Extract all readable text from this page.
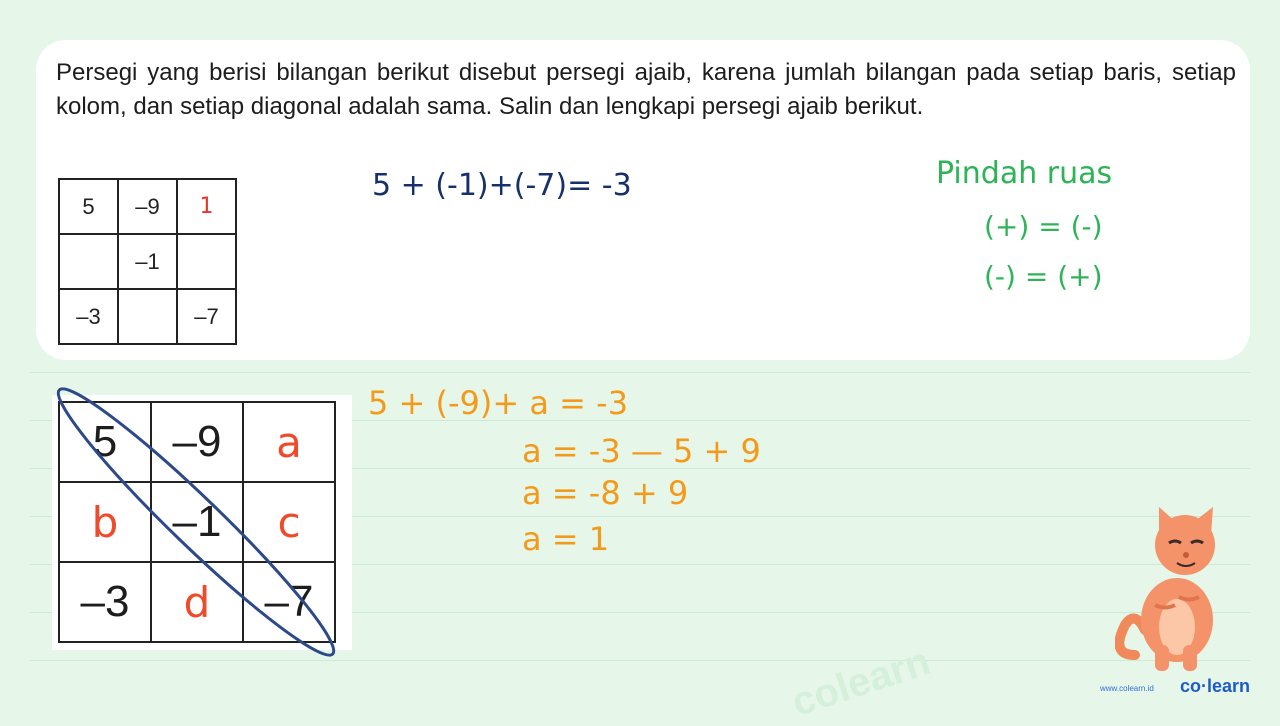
colearn

Persegi yang berisi bilangan berikut disebut persegi ajaib, karena jumlah bilangan pada setiap baris, setiap kolom, dan setiap diagonal adalah sama. Salin dan lengkapi persegi ajaib berikut.

5	–9	1
	–1	
–3		–7
5 + (-1)+(-7)= -3	Pindah ruas
(+) = (-)
(-) = (+)
5	–9	a
b	–1	c
–3	d	–7
5 + (-9)+ a = -3
a = -3 — 5 + 9
a = -8 + 9
a = 1
www.colearn.id co·learn
